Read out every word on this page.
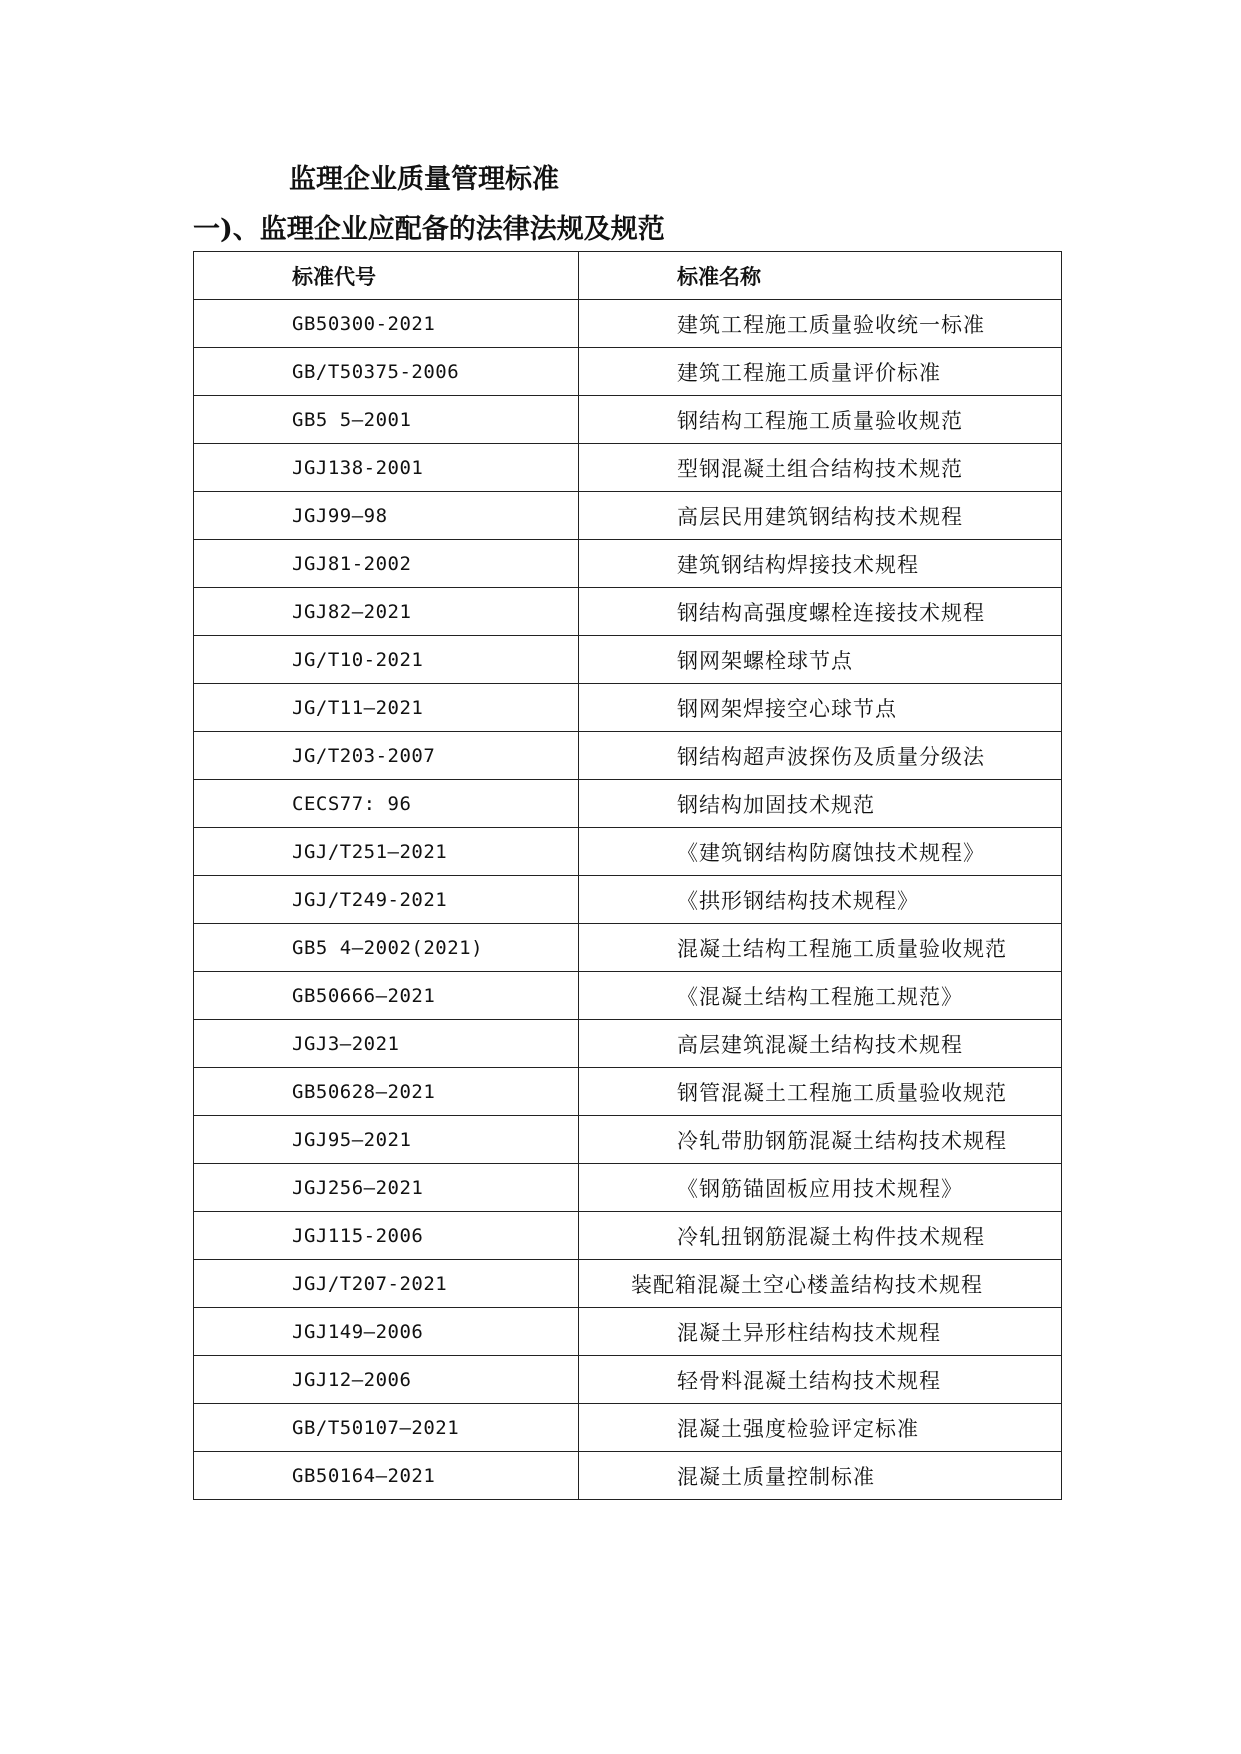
监理企业质量管理标准
一)、监理企业应配备的法律法规及规范
标准代号	标准名称
GB50300-2021	建筑工程施工质量验收统一标准
GB/T50375-2006	建筑工程施工质量评价标准
GB5 5—2001	钢结构工程施工质量验收规范
JGJ138-2001	型钢混凝土组合结构技术规范
JGJ99—98	高层民用建筑钢结构技术规程
JGJ81-2002	建筑钢结构焊接技术规程
JGJ82—2021	钢结构高强度螺栓连接技术规程
JG/T10-2021	钢网架螺栓球节点
JG/T11—2021	钢网架焊接空心球节点
JG/T203-2007	钢结构超声波探伤及质量分级法
CECS77: 96	钢结构加固技术规范
JGJ/T251—2021	《建筑钢结构防腐蚀技术规程》
JGJ/T249-2021	《拱形钢结构技术规程》
GB5 4—2002(2021)	混凝土结构工程施工质量验收规范
GB50666—2021	《混凝土结构工程施工规范》
JGJ3—2021	高层建筑混凝土结构技术规程
GB50628—2021	钢管混凝土工程施工质量验收规范
JGJ95—2021	冷轧带肋钢筋混凝土结构技术规程
JGJ256—2021	《钢筋锚固板应用技术规程》
JGJ115-2006	冷轧扭钢筋混凝土构件技术规程
JGJ/T207-2021	装配箱混凝土空心楼盖结构技术规程
JGJ149—2006	混凝土异形柱结构技术规程
JGJ12—2006	轻骨料混凝土结构技术规程
GB/T50107—2021	混凝土强度检验评定标准
GB50164—2021	混凝土质量控制标准
